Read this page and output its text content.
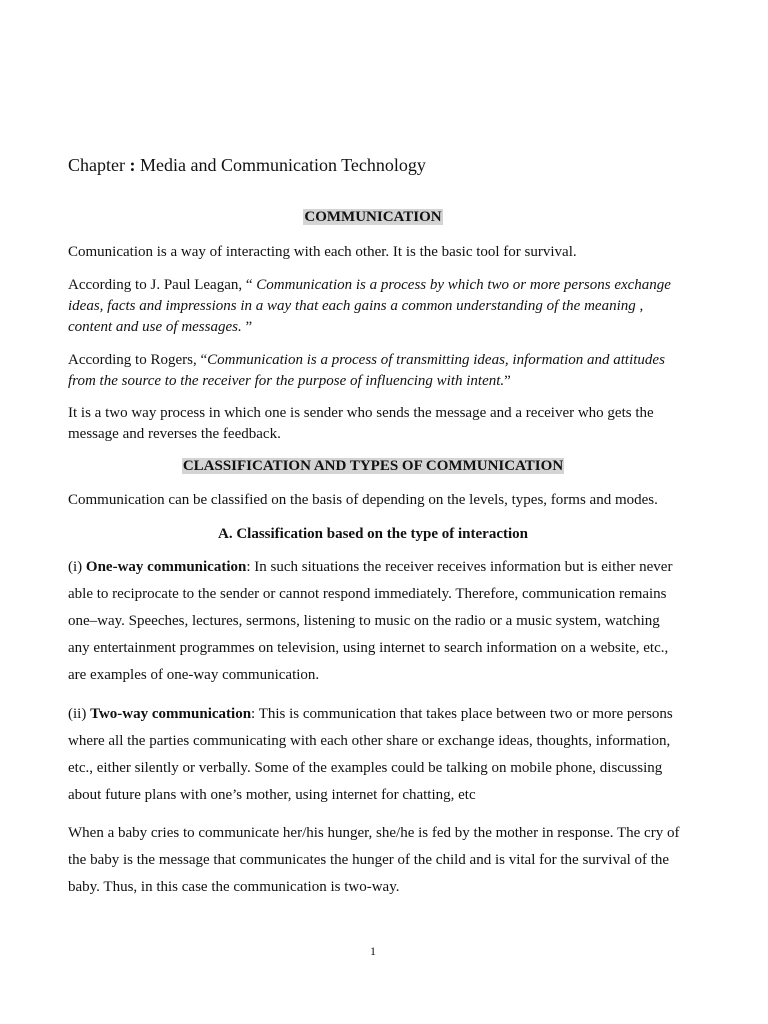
Chapter : Media and Communication Technology
COMMUNICATION

Comunication is a way of interacting with each other. It is the basic tool for survival.

According to J. Paul Leagan, “ Communication is a process by which two or more persons exchange ideas, facts and impressions in a way that each gains a common understanding of the meaning , content and use of messages. ”

According to Rogers, “Communication is a process of transmitting ideas, information and attitudes from the source to the receiver for the purpose of influencing with intent.”

It is a two way process in which one is sender who sends the message and a receiver who gets the message and reverses the feedback.

CLASSIFICATION AND TYPES OF COMMUNICATION

Communication can be classified on the basis of depending on the levels, types, forms and modes.

A. Classification based on the type of interaction

(i) One-way communication: In such situations the receiver receives information but is either never able to reciprocate to the sender or cannot respond immediately. Therefore, communication remains one–way. Speeches, lectures, sermons, listening to music on the radio or a music system, watching any entertainment programmes on television, using internet to search information on a website, etc., are examples of one-way communication.

(ii) Two-way communication: This is communication that takes place between two or more persons where all the parties communicating with each other share or exchange ideas, thoughts, information, etc., either silently or verbally. Some of the examples could be talking on mobile phone, discussing about future plans with one’s mother, using internet for chatting, etc

When a baby cries to communicate her/his hunger, she/he is fed by the mother in response. The cry of the baby is the message that communicates the hunger of the child and is vital for the survival of the baby. Thus, in this case the communication is two-way.

1
